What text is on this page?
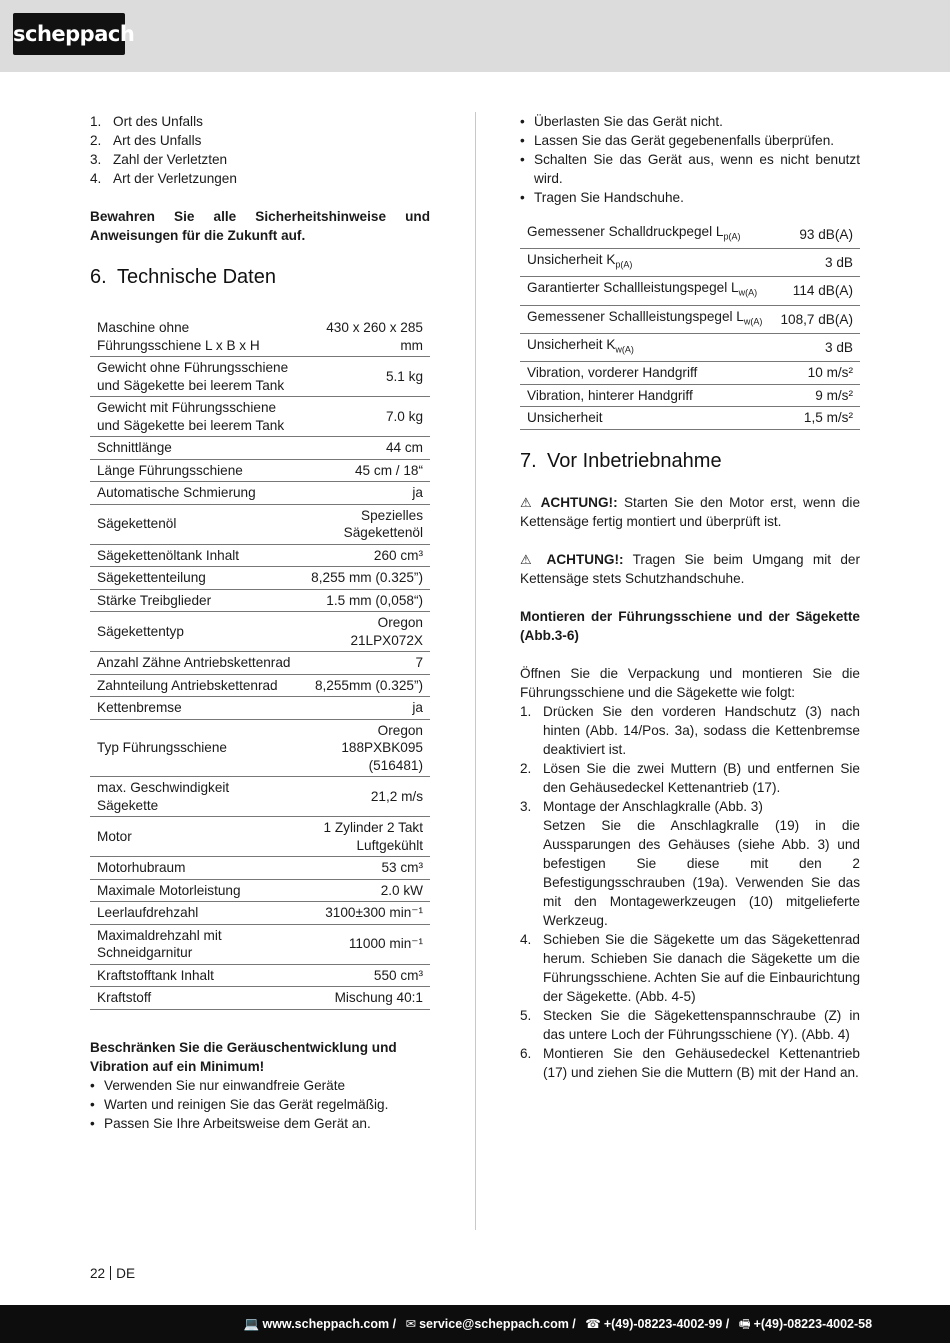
scheppach
1. Ort des Unfalls
2. Art des Unfalls
3. Zahl der Verletzten
4. Art der Verletzungen

Bewahren Sie alle Sicherheitshinweise und Anweisungen für die Zukunft auf.

6. Technische Daten
Maschine ohne Führungsschiene L x B x H	430 x 260 x 285 mm
Gewicht ohne Führungsschiene und Sägekette bei leerem Tank	5.1 kg
Gewicht mit Führungsschiene und Sägekette bei leerem Tank	7.0 kg
Schnittlänge	44 cm
Länge Führungsschiene	45 cm / 18“
Automatische Schmierung	ja
Sägekettenöl	Spezielles Sägekettenöl
Sägekettenöltank Inhalt	260 cm³
Sägekettenteilung	8,255 mm (0.325”)
Stärke Treibglieder	1.5 mm (0,058“)
Sägekettentyp	Oregon 21LPX072X
Anzahl Zähne Antriebskettenrad	7
Zahnteilung Antriebskettenrad	8,255mm (0.325”)
Kettenbremse	ja
Typ Führungsschiene	Oregon 188PXBK095 (516481)
max. Geschwindigkeit Sägekette	21,2 m/s
Motor	1 Zylinder 2 Takt Luftgekühlt
Motorhubraum	53 cm³
Maximale Motorleistung	2.0 kW
Leerlaufdrehzahl	3100±300 min⁻¹
Maximaldrehzahl mit Schneidgarnitur	11000 min⁻¹
Kraftstofftank Inhalt	550 cm³
Kraftstoff	Mischung 40:1

Beschränken Sie die Geräuschentwicklung und Vibration auf ein Minimum!

• Verwenden Sie nur einwandfreie Geräte
• Warten und reinigen Sie das Gerät regelmäßig.
• Passen Sie Ihre Arbeitsweise dem Gerät an.
• Überlasten Sie das Gerät nicht.
• Lassen Sie das Gerät gegebenenfalls überprüfen.
• Schalten Sie das Gerät aus, wenn es nicht benutzt wird.
• Tragen Sie Handschuhe.
Gemessener Schalldruckpegel $L_{p(A)}$	93 dB(A)
Unsicherheit $K_{p(A)}$	3 dB
Garantierter Schallleistungspegel $L_{w(A)}$	114 dB(A)
Gemessener Schallleistungspegel $L_{w(A)}$	108,7 dB(A)
Unsicherheit $K_{w(A)}$	3 dB
Vibration, vorderer Handgriff	10 m/s²
Vibration, hinterer Handgriff	9 m/s²
Unsicherheit	1,5 m/s²
7. Vor Inbetriebnahme

⚠ ACHTUNG!: Starten Sie den Motor erst, wenn die Kettensäge fertig montiert und überprüft ist.

⚠ ACHTUNG!: Tragen Sie beim Umgang mit der Kettensäge stets Schutzhandschuhe.

Montieren der Führungsschiene und der Sägekette (Abb.3-6)

Öffnen Sie die Verpackung und montieren Sie die Führungsschiene und die Sägekette wie folgt:

1. Drücken Sie den vorderen Handschutz (3) nach hinten (Abb. 14/Pos. 3a), sodass die Kettenbremse deaktiviert ist.
2. Lösen Sie die zwei Muttern (B) und entfernen Sie den Gehäusedeckel Kettenantrieb (17).
3. Montage der Anschlagkralle (Abb. 3)
Setzen Sie die Anschlagkralle (19) in die Aussparungen des Gehäuses (siehe Abb. 3) und befestigen Sie diese mit den 2 Befestigungsschrauben (19a). Verwenden Sie das mit den Montagewerkzeugen (10) mitgelieferte Werkzeug.
4. Schieben Sie die Sägekette um das Sägekettenrad herum. Schieben Sie danach die Sägekette um die Führungsschiene. Achten Sie auf die Einbaurichtung der Sägekette. (Abb. 4-5)
5. Stecken Sie die Sägekettenspannschraube (Z) in das untere Loch der Führungsschiene (Y). (Abb. 4)
6. Montieren Sie den Gehäusedeckel Kettenantrieb (17) und ziehen Sie die Muttern (B) mit der Hand an.
22 DE
💻 www.scheppach.com / ✉ service@scheppach.com / ☎ +(49)-08223-4002-99 / 🖷 +(49)-08223-4002-58
